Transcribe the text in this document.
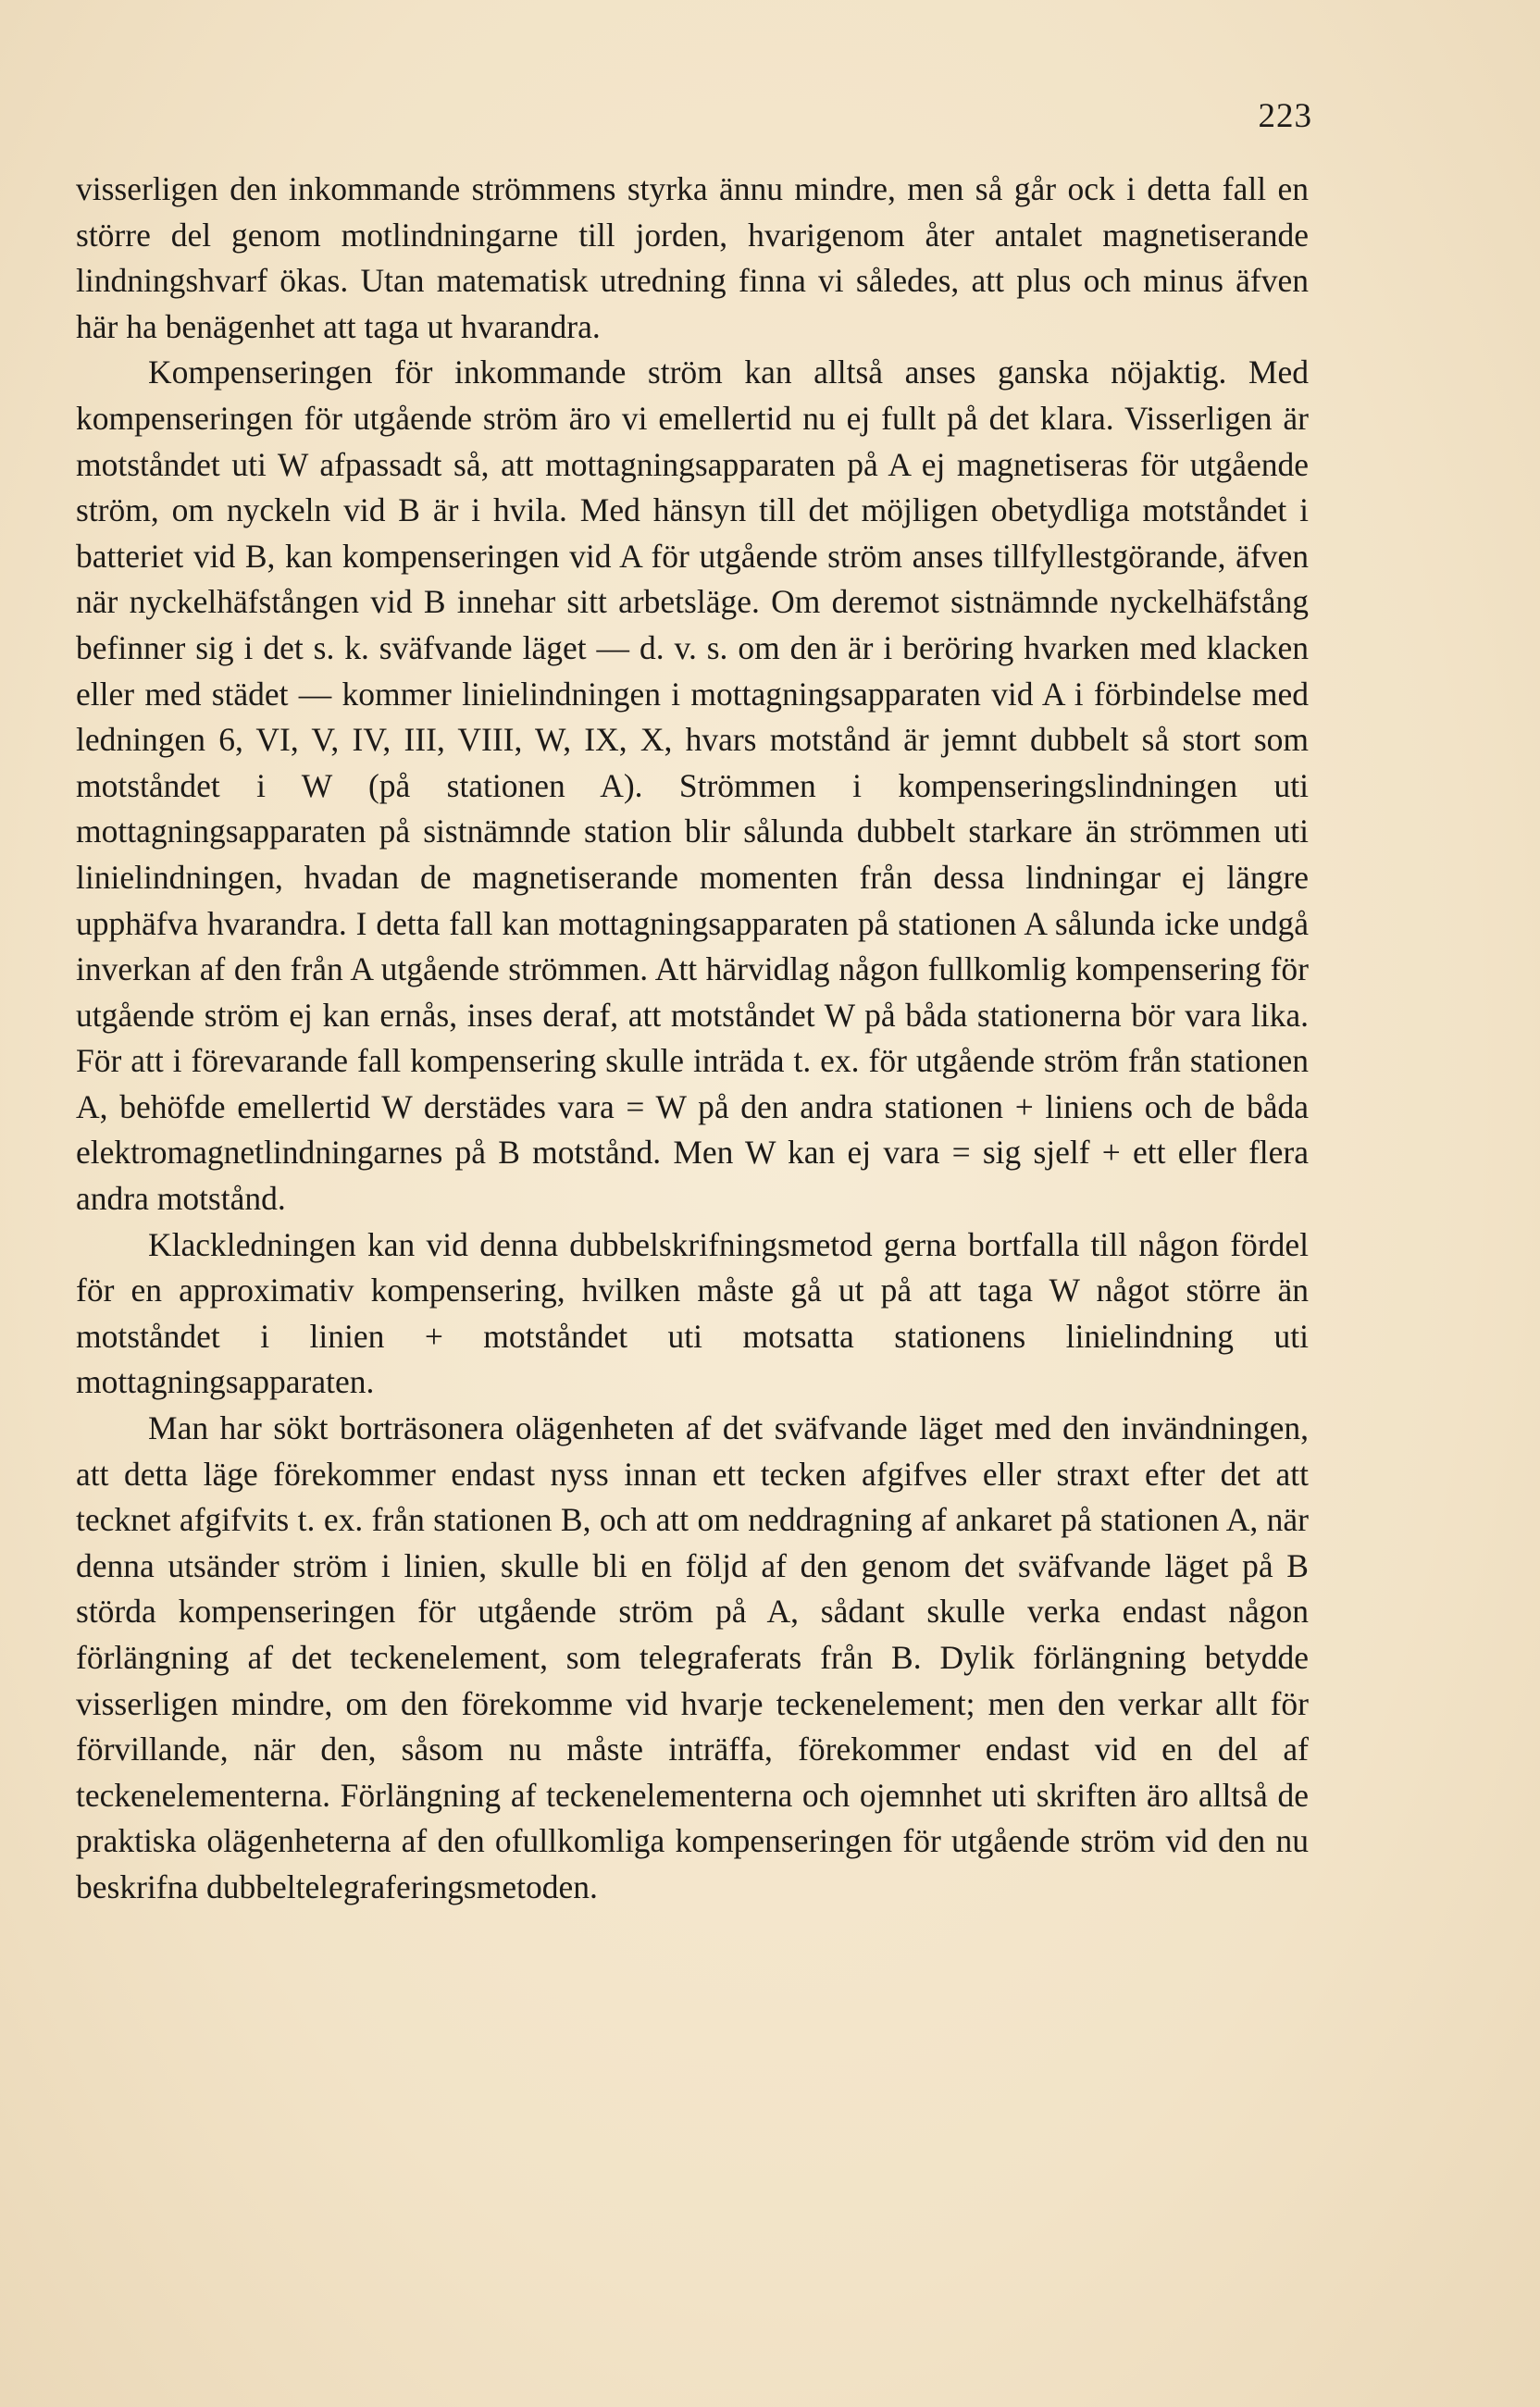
223

visserligen den inkommande strömmens styrka ännu mindre, men så går ock i detta fall en större del genom motlindningarne till jorden, hvarigenom åter antalet magnetiserande lindningshvarf ökas. Utan matematisk utredning finna vi således, att plus och minus äfven här ha benägenhet att taga ut hvarandra.

Kompenseringen för inkommande ström kan alltså anses ganska nöjaktig. Med kompenseringen för utgående ström äro vi emellertid nu ej fullt på det klara. Visserligen är motståndet uti W afpassadt så, att mottagningsapparaten på A ej magnetiseras för utgående ström, om nyckeln vid B är i hvila. Med hänsyn till det möjligen obetydliga motståndet i batteriet vid B, kan kompenseringen vid A för utgående ström anses tillfyllestgörande, äfven när nyckelhäfstången vid B innehar sitt arbetsläge. Om deremot sistnämnde nyckelhäfstång befinner sig i det s. k. sväfvande läget — d. v. s. om den är i beröring hvarken med klacken eller med städet — kommer linielindningen i mottagningsapparaten vid A i förbindelse med ledningen 6, VI, V, IV, III, VIII, W, IX, X, hvars motstånd är jemnt dubbelt så stort som motståndet i W (på stationen A). Strömmen i kompenseringslindningen uti mottagningsapparaten på sistnämnde station blir sålunda dubbelt starkare än strömmen uti linielindningen, hvadan de magnetiserande momenten från dessa lindningar ej längre upphäfva hvarandra. I detta fall kan mottagningsapparaten på stationen A sålunda icke undgå inverkan af den från A utgående strömmen. Att härvidlag någon fullkomlig kompensering för utgående ström ej kan ernås, inses deraf, att motståndet W på båda stationerna bör vara lika. För att i förevarande fall kompensering skulle inträda t. ex. för utgående ström från stationen A, behöfde emellertid W derstädes vara = W på den andra stationen + liniens och de båda elektromagnetlindningarnes på B motstånd. Men W kan ej vara = sig sjelf + ett eller flera andra motstånd.

Klackledningen kan vid denna dubbelskrifningsmetod gerna bortfalla till någon fördel för en approximativ kompensering, hvilken måste gå ut på att taga W något större än motståndet i linien + motståndet uti motsatta stationens linielindning uti mottagningsapparaten.

Man har sökt borträsonera olägenheten af det sväfvande läget med den invändningen, att detta läge förekommer endast nyss innan ett tecken afgifves eller straxt efter det att tecknet afgifvits t. ex. från stationen B, och att om neddragning af ankaret på stationen A, när denna utsänder ström i linien, skulle bli en följd af den genom det sväfvande läget på B störda kompenseringen för utgående ström på A, sådant skulle verka endast någon förlängning af det teckenelement, som telegraferats från B. Dylik förlängning betydde visserligen mindre, om den förekomme vid hvarje teckenelement; men den verkar allt för förvillande, när den, såsom nu måste inträffa, förekommer endast vid en del af teckenelementerna. Förlängning af teckenelementerna och ojemnhet uti skriften äro alltså de praktiska olägenheterna af den ofullkomliga kompenseringen för utgående ström vid den nu beskrifna dubbeltelegraferingsmetoden.
